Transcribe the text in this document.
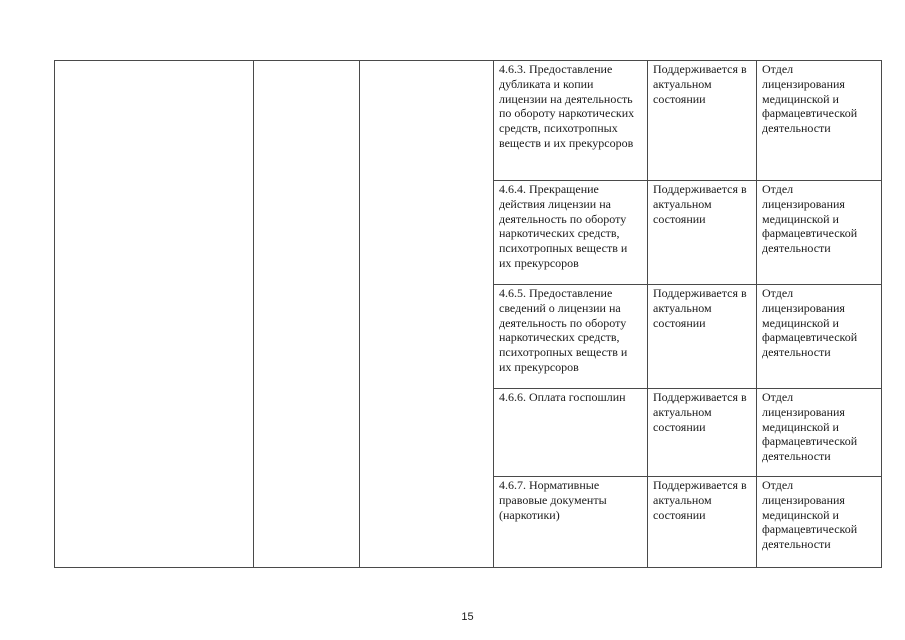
			4.6.3. Предоставление дубликата и копии лицензии на деятельность по обороту наркотических средств, психотропных веществ и их прекурсоров	Поддерживается в актуальном состоянии	Отдел лицензирования медицинской и фармацевтической деятельности
			4.6.4. Прекращение действия лицензии на деятельность по обороту наркотических средств, психотропных веществ и их прекурсоров	Поддерживается в актуальном состоянии	Отдел лицензирования медицинской и фармацевтической деятельности
			4.6.5. Предоставление сведений о лицензии на деятельность по обороту наркотических средств, психотропных веществ и их прекурсоров	Поддерживается в актуальном состоянии	Отдел лицензирования медицинской и фармацевтической деятельности
			4.6.6. Оплата госпошлин	Поддерживается в актуальном состоянии	Отдел лицензирования медицинской и фармацевтической деятельности
			4.6.7. Нормативные правовые документы (наркотики)	Поддерживается в актуальном состоянии	Отдел лицензирования медицинской и фармацевтической деятельности
15
